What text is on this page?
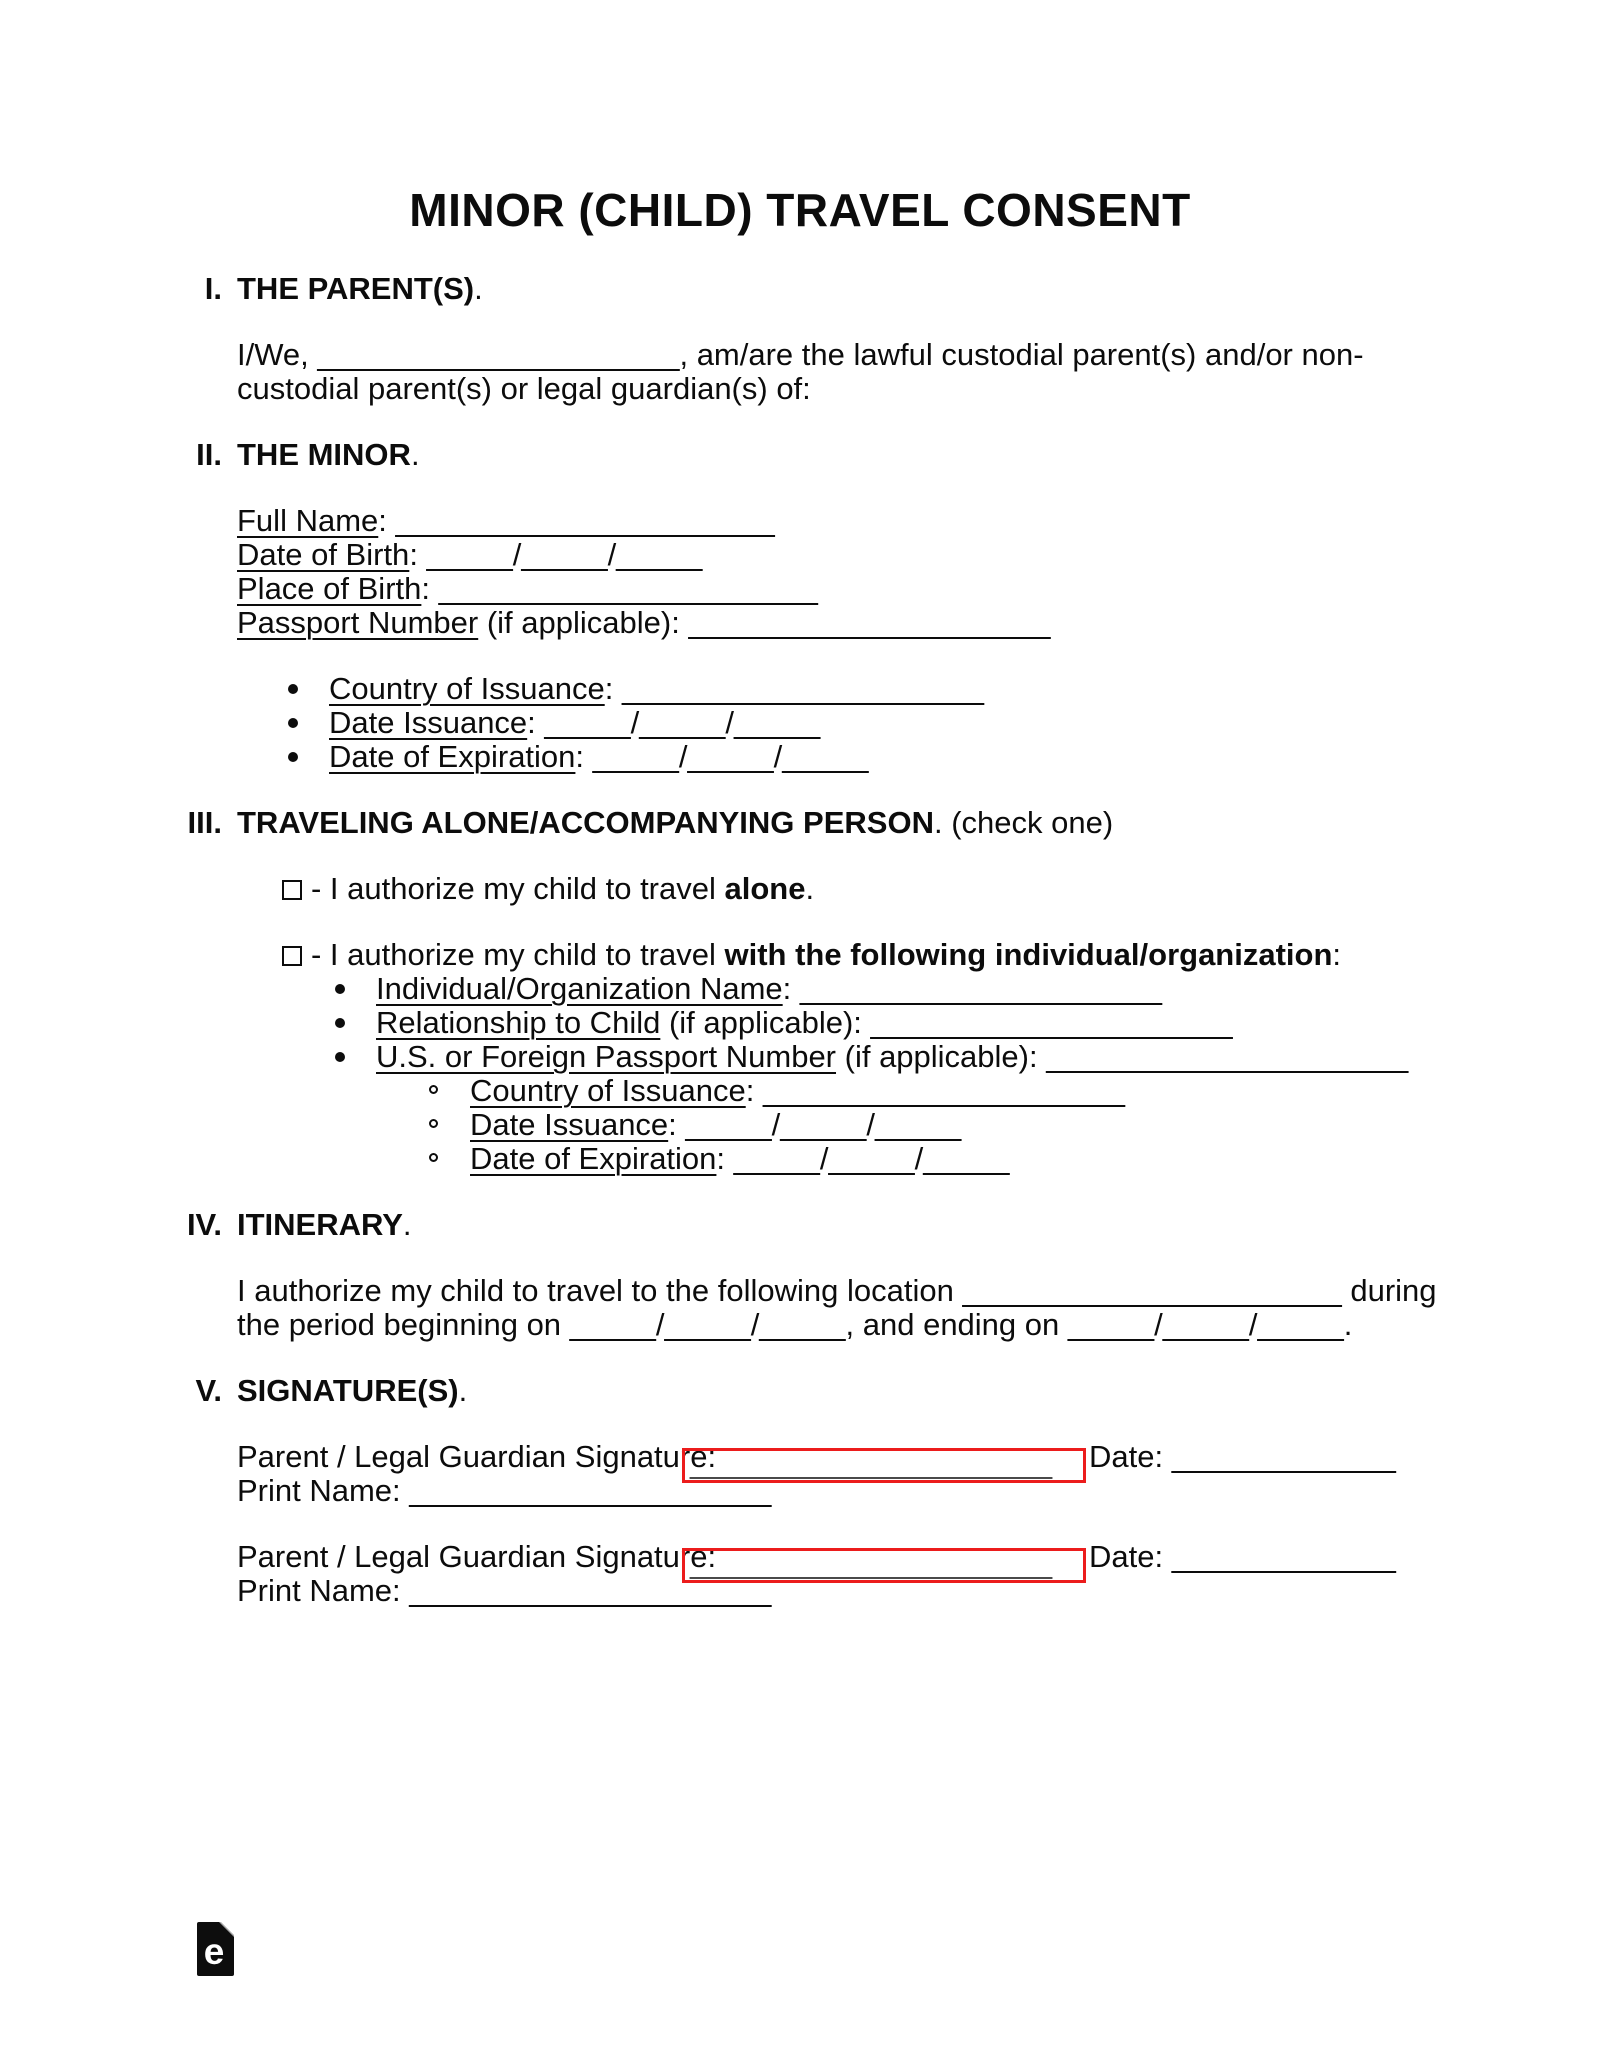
MINOR (CHILD) TRAVEL CONSENT
I. THE PARENT(S).
I/We, _____________________, am/are the lawful custodial parent(s) and/or non-
custodial parent(s) or legal guardian(s) of:
II. THE MINOR.
Full Name: ______________________
Date of Birth: _____/_____/_____
Place of Birth: ______________________
Passport Number (if applicable): _____________________
Country of Issuance: _____________________
Date Issuance: _____/_____/_____
Date of Expiration: _____/_____/_____
III. TRAVELING ALONE/ACCOMPANYING PERSON. (check one)
- I authorize my child to travel alone.
- I authorize my child to travel with the following individual/organization:
Individual/Organization Name: _____________________
Relationship to Child (if applicable): _____________________
U.S. or Foreign Passport Number (if applicable): _____________________
Country of Issuance: _____________________
Date Issuance: _____/_____/_____
Date of Expiration: _____/_____/_____
IV. ITINERARY.
I authorize my child to travel to the following location ______________________ during
the period beginning on _____/_____/_____, and ending on _____/_____/_____.
V. SIGNATURE(S).
Parent / Legal Guardian Signature:
_____________________ Date: _____________
Print Name: _____________________
Parent / Legal Guardian Signature:
_____________________ Date: _____________
Print Name: _____________________
e
